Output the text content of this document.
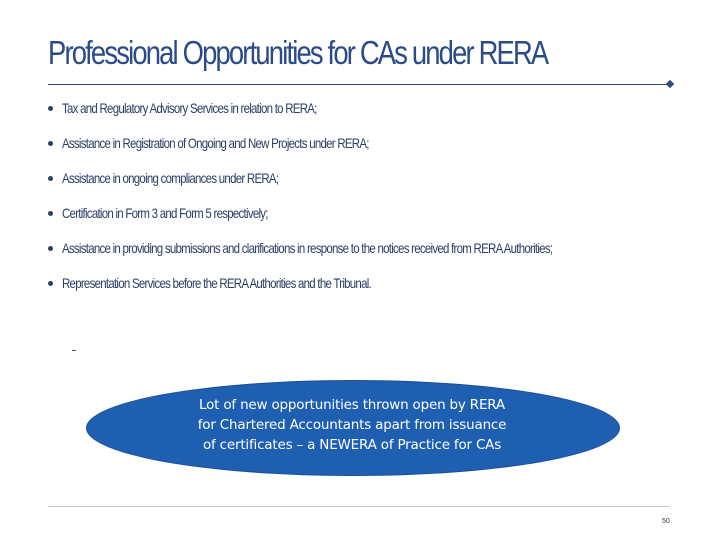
Professional Opportunities for CAs under RERA
Tax and Regulatory Advisory Services in relation to RERA;
Assistance in Registration of Ongoing and New Projects under RERA;
Assistance in ongoing compliances under RERA;
Certification in Form 3 and Form 5 respectively;
Assistance in providing submissions and clarifications in response to the notices received from RERA Authorities;
Representation Services before the RERA Authorities and the Tribunal.
Lot of new opportunities thrown open by RERA
for Chartered Accountants apart from issuance
of certificates – a NEWERA of Practice for CAs
50
